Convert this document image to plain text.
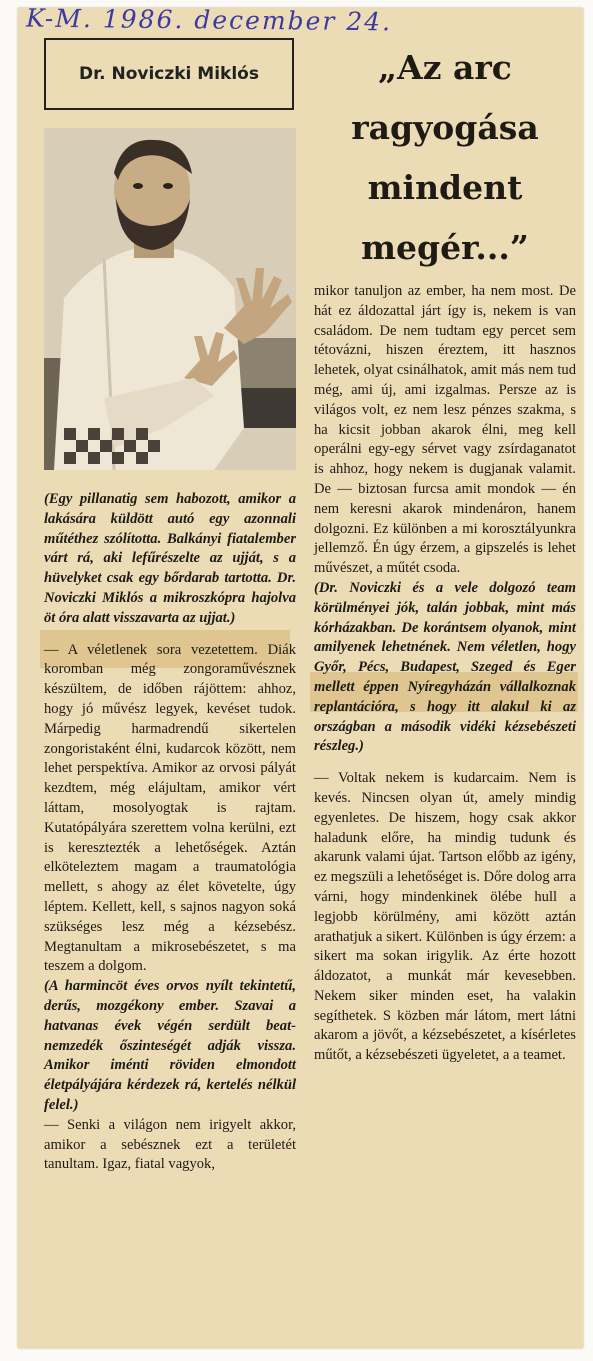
K-M. 1986. december 24.
Dr. Noviczki Miklós	„Az arc
ragyogása
mindent
megér...”

(Egy pillanatig sem habozott, amikor a lakására küldött autó egy azonnali műtéthez szólította. Balkányi fiatalember várt rá, aki lefűrészelte az ujját, s a hüvelyket csak egy bőrdarab tartotta. Dr. Noviczki Miklós a mikroszkópra hajolva öt óra alatt visszavarta az ujjat.)

— A véletlenek sora vezetettem. Diák koromban még zongoraművésznek készültem, de időben rájöttem: ahhoz, hogy jó művész legyek, kevéset tudok. Márpedig harmadrendű sikertelen zongoristaként élni, kudarcok között, nem lehet perspektíva. Amikor az orvosi pályát kezdtem, még elájultam, amikor vért láttam, mosolyogtak is rajtam. Kutatópályára szerettem volna kerülni, ezt is keresztezték a lehetőségek. Aztán elköteleztem magam a traumatológia mellett, s ahogy az élet követelte, úgy léptem. Kellett, kell, s sajnos nagyon soká szükséges lesz még a kézsebész. Megtanultam a mikrosebészetet, s ma teszem a dolgom.

(A harmincöt éves orvos nyílt tekintetű, derűs, mozgékony ember. Szavai a hatvanas évek végén serdült beat-nemzedék őszinteségét adják vissza. Amikor iménti röviden elmondott életpályájára kérdezek rá, kertelés nélkül felel.)

— Senki a világon nem irigyelt akkor, amikor a sebésznek ezt a területét tanultam. Igaz, fiatal vagyok,

mikor tanuljon az ember, ha nem most. De hát ez áldozattal járt így is, nekem is van családom. De nem tudtam egy percet sem tétovázni, hiszen éreztem, itt hasznos lehetek, olyat csinálhatok, amit más nem tud még, ami új, ami izgalmas. Persze az is világos volt, ez nem lesz pénzes szakma, s ha kicsit jobban akarok élni, meg kell operálni egy-egy sérvet vagy zsírdaganatot is ahhoz, hogy nekem is dugjanak valamit. De — biztosan furcsa amit mondok — én nem keresni akarok mindenáron, hanem dolgozni. Ez különben a mi korosztályunkra jellemző. Én úgy érzem, a gipszelés is lehet művészet, a műtét csoda.

(Dr. Noviczki és a vele dolgozó team körülményei jók, talán jobbak, mint más kórházakban. De korántsem olyanok, mint amilyenek lehetnének. Nem véletlen, hogy Győr, Pécs, Budapest, Szeged és Eger mellett éppen Nyíregyházán vállalkoznak replantációra, s hogy itt alakul ki az országban a második vidéki kézsebészeti részleg.)

— Voltak nekem is kudarcaim. Nem is kevés. Nincsen olyan út, amely mindig egyenletes. De hiszem, hogy csak akkor haladunk előre, ha mindig tudunk és akarunk valami újat. Tartson előbb az igény, ez megszüli a lehetőséget is. Dőre dolog arra várni, hogy mindenkinek ölébe hull a legjobb körülmény, ami között aztán arathatjuk a sikert. Különben is úgy érzem: a sikert ma sokan irigylik. Az érte hozott áldozatot, a munkát már kevesebben. Nekem siker minden eset, ha valakin segíthetek. S közben már látom, mert látni akarom a jövőt, a kézsebészetet, a kísérletes műtőt, a kézsebészeti ügyeletet, a a teamet.
